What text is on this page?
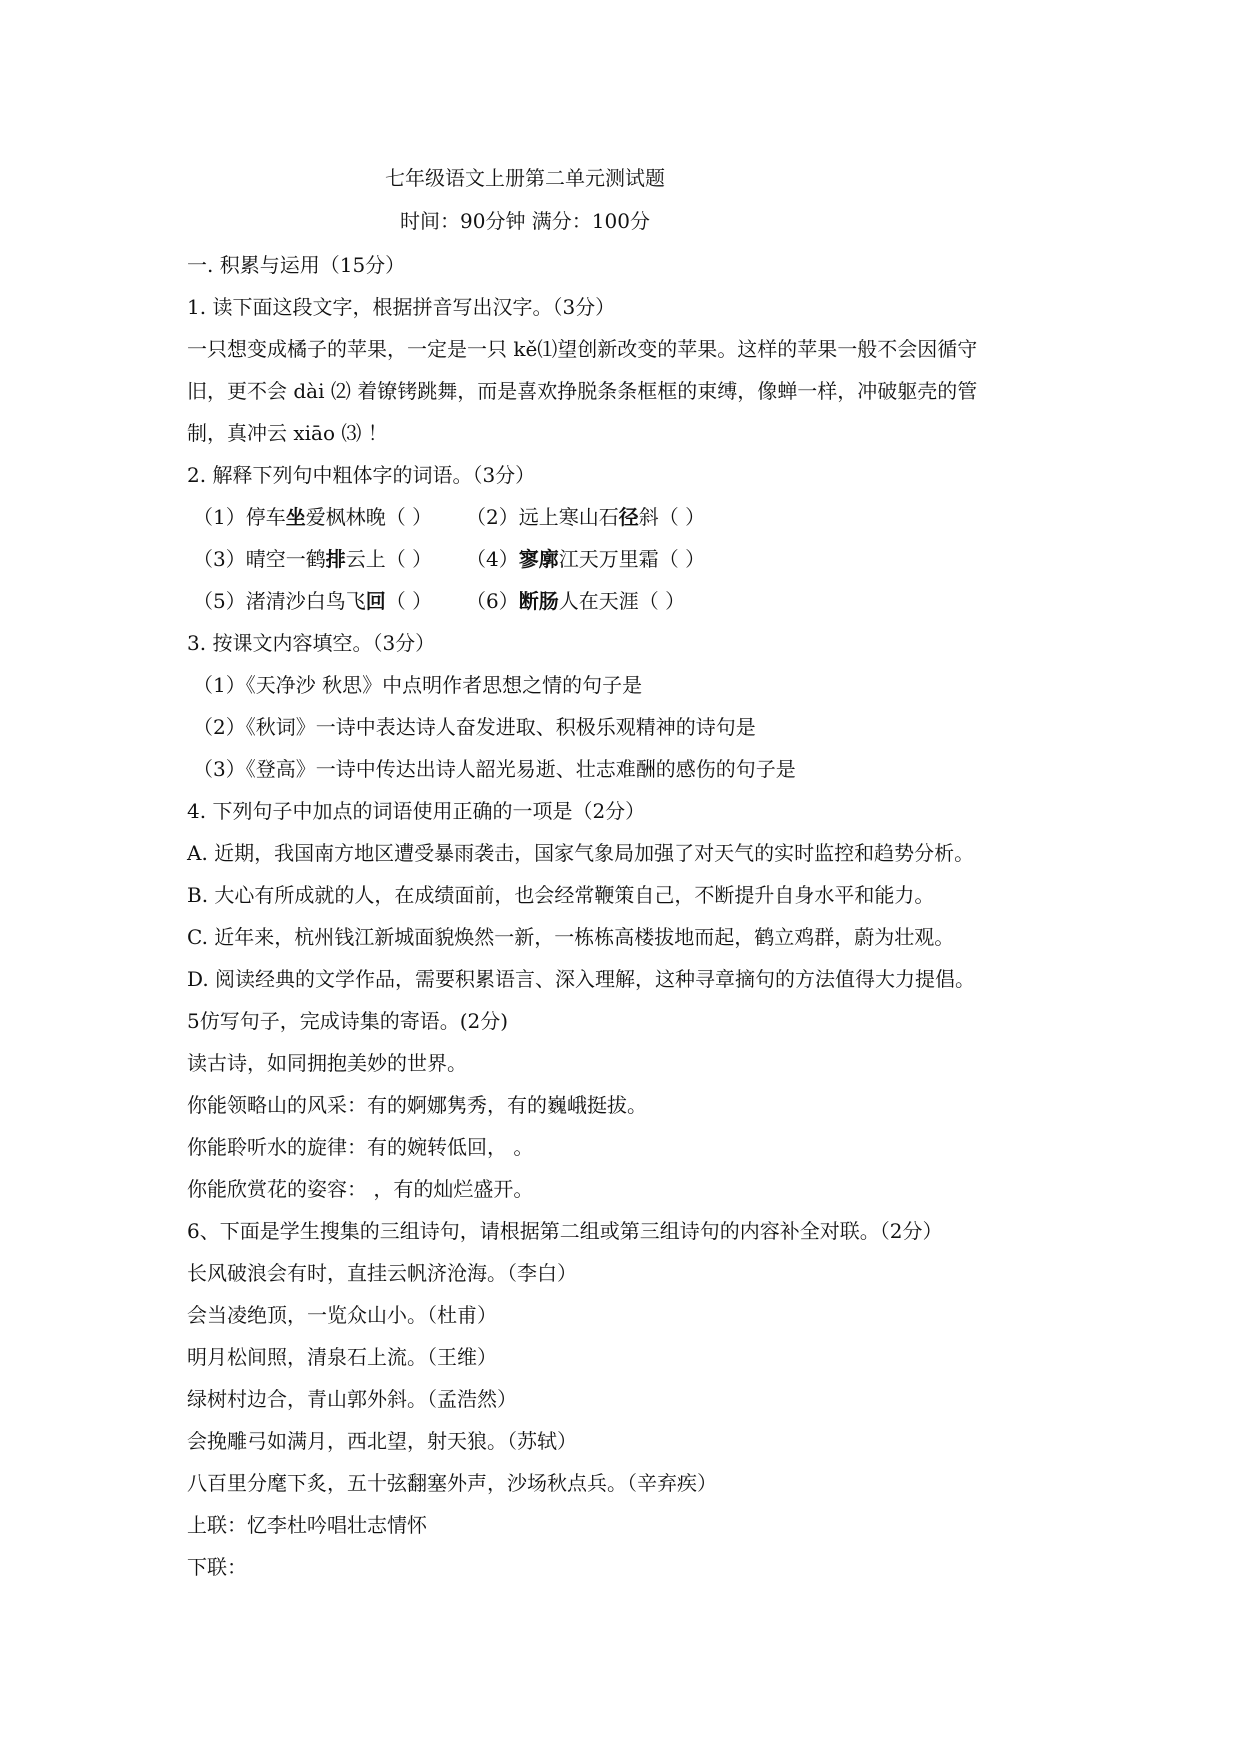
七年级语文上册第二单元测试题
时间：90分钟 满分：100分
一. 积累与运用（15分）
1. 读下面这段文字，根据拼音写出汉字。（3分）
一只想变成橘子的苹果，一定是一只 kě⑴望创新改变的苹果。这样的苹果一般不会因循守
旧，更不会 dài ⑵ 着镣铐跳舞，而是喜欢挣脱条条框框的束缚，像蝉一样，冲破躯壳的管
制，真冲云 xiāo ⑶ ！
2. 解释下列句中粗体字的词语。（3分）
（1）停车坐爱枫林晚（ ） （2）远上寒山石径斜（ ）
（3）晴空一鹤排云上（ ） （4）寥廓江天万里霜（ ）
（5）渚清沙白鸟飞回（ ） （6）断肠人在天涯（ ）
3. 按课文内容填空。（3分）
（1）《天净沙 秋思》中点明作者思想之情的句子是
（2）《秋词》一诗中表达诗人奋发进取、积极乐观精神的诗句是
（3）《登高》一诗中传达出诗人韶光易逝、壮志难酬的感伤的句子是
4. 下列句子中加点的词语使用正确的一项是（2分）
A. 近期，我国南方地区遭受暴雨袭击，国家气象局加强了对天气的实时监控和趋势分析。
B. 大心有所成就的人，在成绩面前，也会经常鞭策自己，不断提升自身水平和能力。
C. 近年来，杭州钱江新城面貌焕然一新，一栋栋高楼拔地而起，鹤立鸡群，蔚为壮观。
D. 阅读经典的文学作品，需要积累语言、深入理解，这种寻章摘句的方法值得大力提倡。
5仿写句子，完成诗集的寄语。(2分)
读古诗，如同拥抱美妙的世界。
你能领略山的风采：有的婀娜隽秀，有的巍峨挺拔。
你能聆听水的旋律：有的婉转低回， 。
你能欣赏花的姿容： ，有的灿烂盛开。
6、下面是学生搜集的三组诗句，请根据第二组或第三组诗句的内容补全对联。（2分）
长风破浪会有时，直挂云帆济沧海。（李白）
会当凌绝顶，一览众山小。（杜甫）
明月松间照，清泉石上流。（王维）
绿树村边合，青山郭外斜。（孟浩然）
会挽雕弓如满月，西北望，射天狼。（苏轼）
八百里分麾下炙，五十弦翻塞外声，沙场秋点兵。（辛弃疾）
上联：忆李杜吟唱壮志情怀
下联：
